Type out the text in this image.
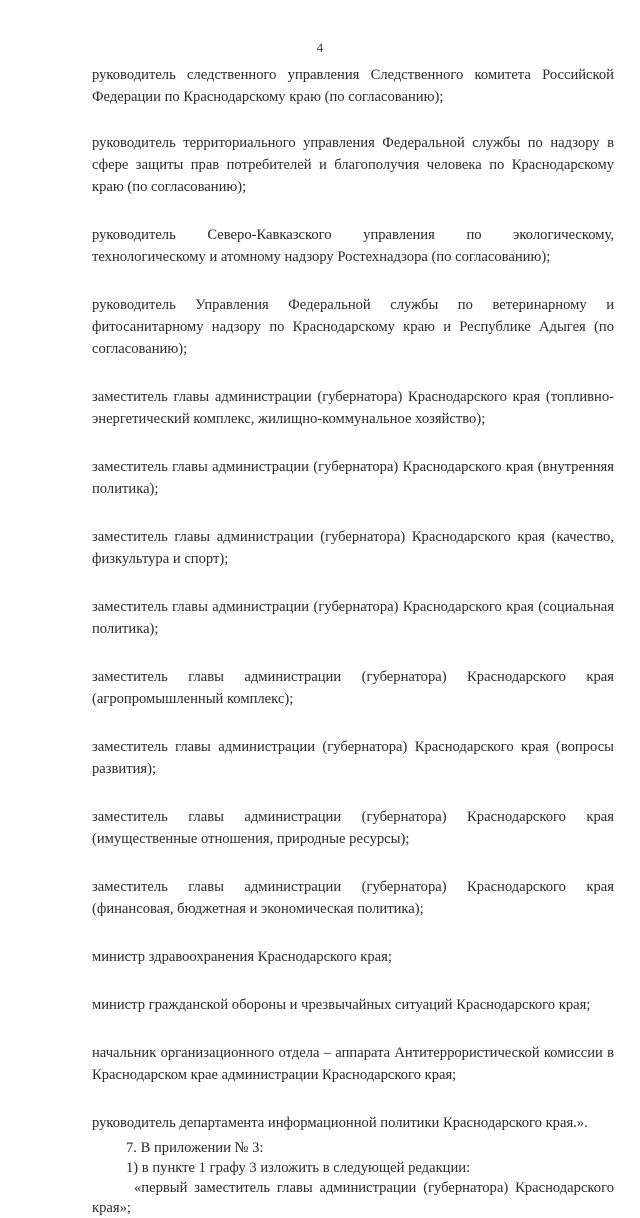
4

руководитель следственного управления Следственного комитета Российской Федерации по Краснодарскому краю (по согласованию);

руководитель территориального управления Федеральной службы по надзору в сфере защиты прав потребителей и благополучия человека по Краснодарскому краю (по согласованию);

руководитель Северо-Кавказского управления по экологическому, технологическому и атомному надзору Ростехнадзора (по согласованию);

руководитель Управления Федеральной службы по ветеринарному и фитосанитарному надзору по Краснодарскому краю и Республике Адыгея (по согласованию);

заместитель главы администрации (губернатора) Краснодарского края (топливно-энергетический комплекс, жилищно-коммунальное хозяйство);

заместитель главы администрации (губернатора) Краснодарского края (внутренняя политика);

заместитель главы администрации (губернатора) Краснодарского края (качество, физкультура и спорт);

заместитель главы администрации (губернатора) Краснодарского края (социальная политика);

заместитель главы администрации (губернатора) Краснодарского края (агропромышленный комплекс);

заместитель главы администрации (губернатора) Краснодарского края (вопросы развития);

заместитель главы администрации (губернатора) Краснодарского края (имущественные отношения, природные ресурсы);

заместитель главы администрации (губернатора) Краснодарского края (финансовая, бюджетная и экономическая политика);

министр здравоохранения Краснодарского края;

министр гражданской обороны и чрезвычайных ситуаций Краснодарского края;

начальник организационного отдела – аппарата Антитеррористической комиссии в Краснодарском крае администрации Краснодарского края;

руководитель департамента информационной политики Краснодарского края.».

7. В приложении № 3:

1) в пункте 1 графу 3 изложить в следующей редакции:

«первый заместитель главы администрации (губернатора) Краснодарского края»;
